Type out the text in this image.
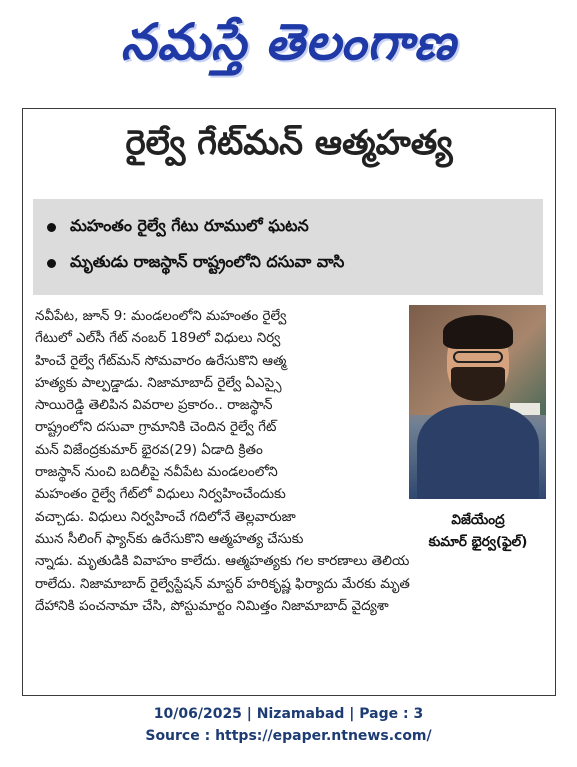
నమస్తే తెలంగాణ
రైల్వే గేట్‌మన్ ఆత్మహత్య
మహంతం రైల్వే గేటు రూములో ఘటన
మృతుడు రాజస్థాన్ రాష్ట్రంలోని దసువా వాసి
నవీపేట, జూన్ 9: మండలంలోని మహంతం రైల్వే
గేటులో ఎల్‌సీ గేట్ నంబర్ 189లో విధులు నిర్వ
హించే రైల్వే గేట్‌మన్ సోమవారం ఉరేసుకొని ఆత్మ
హత్యకు పాల్పడ్డాడు. నిజామాబాద్ రైల్వే ఏఎస్సై
సాయిరెడ్డి తెలిపిన వివరాల ప్రకారం.. రాజస్థాన్
రాష్ట్రంలోని దసువా గ్రామానికి చెందిన రైల్వే గేట్
మన్ విజేంద్రకుమార్ భైరవ(29) ఏడాది క్రితం
రాజస్థాన్ నుంచి బదిలీపై నవీపేట మండలంలోని
మహంతం రైల్వే గేట్‌లో విధులు నిర్వహించేందుకు
వచ్చాడు. విధులు నిర్వహించే గదిలోనే తెల్లవారుజా
మున సీలింగ్ ఫ్యాన్‌కు ఉరేసుకొని ఆత్మహత్య చేసుకు
న్నాడు. మృతుడికి వివాహం కాలేదు. ఆత్మహత్యకు గల కారణాలు తెలియ
రాలేదు. నిజామాబాద్ రైల్వేస్టేషన్ మాస్టర్ హరికృష్ణ ఫిర్యాదు మేరకు మృత
దేహానికి పంచనామా చేసి, పోస్టుమార్టం నిమిత్తం నిజామాబాద్ వైద్యశా
విజేయేంద్ర
కుమార్ భైర్వ(ఫైల్)
10/06/2025 | Nizamabad | Page : 3
Source : https://epaper.ntnews.com/
